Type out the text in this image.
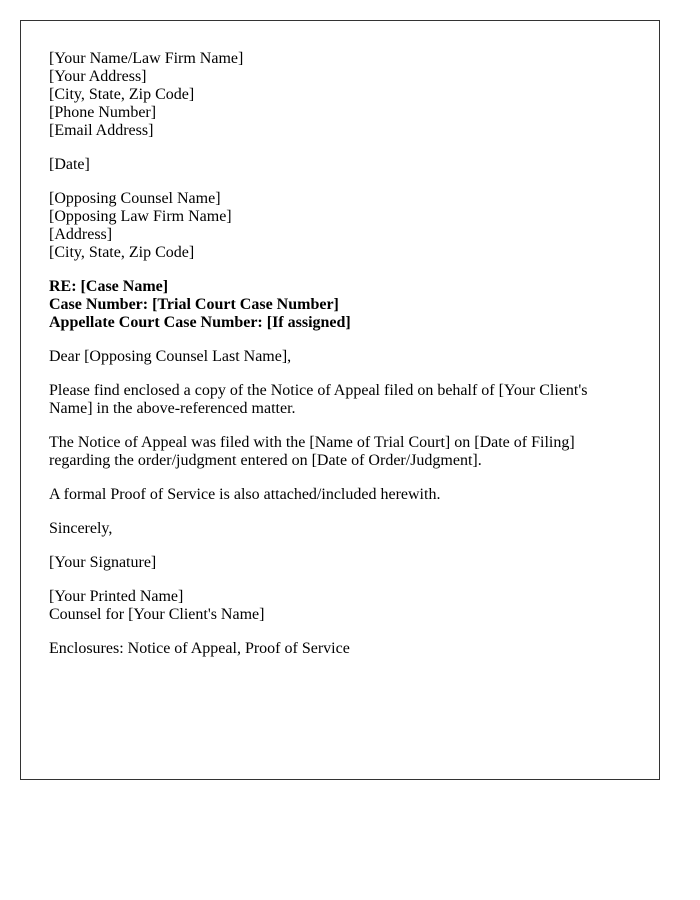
[Your Name/Law Firm Name]
[Your Address]
[City, State, Zip Code]
[Phone Number]
[Email Address]
[Date]
[Opposing Counsel Name]
[Opposing Law Firm Name]
[Address]
[City, State, Zip Code]
RE: [Case Name]
Case Number: [Trial Court Case Number]
Appellate Court Case Number: [If assigned]
Dear [Opposing Counsel Last Name],
Please find enclosed a copy of the Notice of Appeal filed on behalf of [Your Client's Name] in the above-referenced matter.
The Notice of Appeal was filed with the [Name of Trial Court] on [Date of Filing] regarding the order/judgment entered on [Date of Order/Judgment].
A formal Proof of Service is also attached/included herewith.
Sincerely,
[Your Signature]
[Your Printed Name]
Counsel for [Your Client's Name]
Enclosures: Notice of Appeal, Proof of Service
